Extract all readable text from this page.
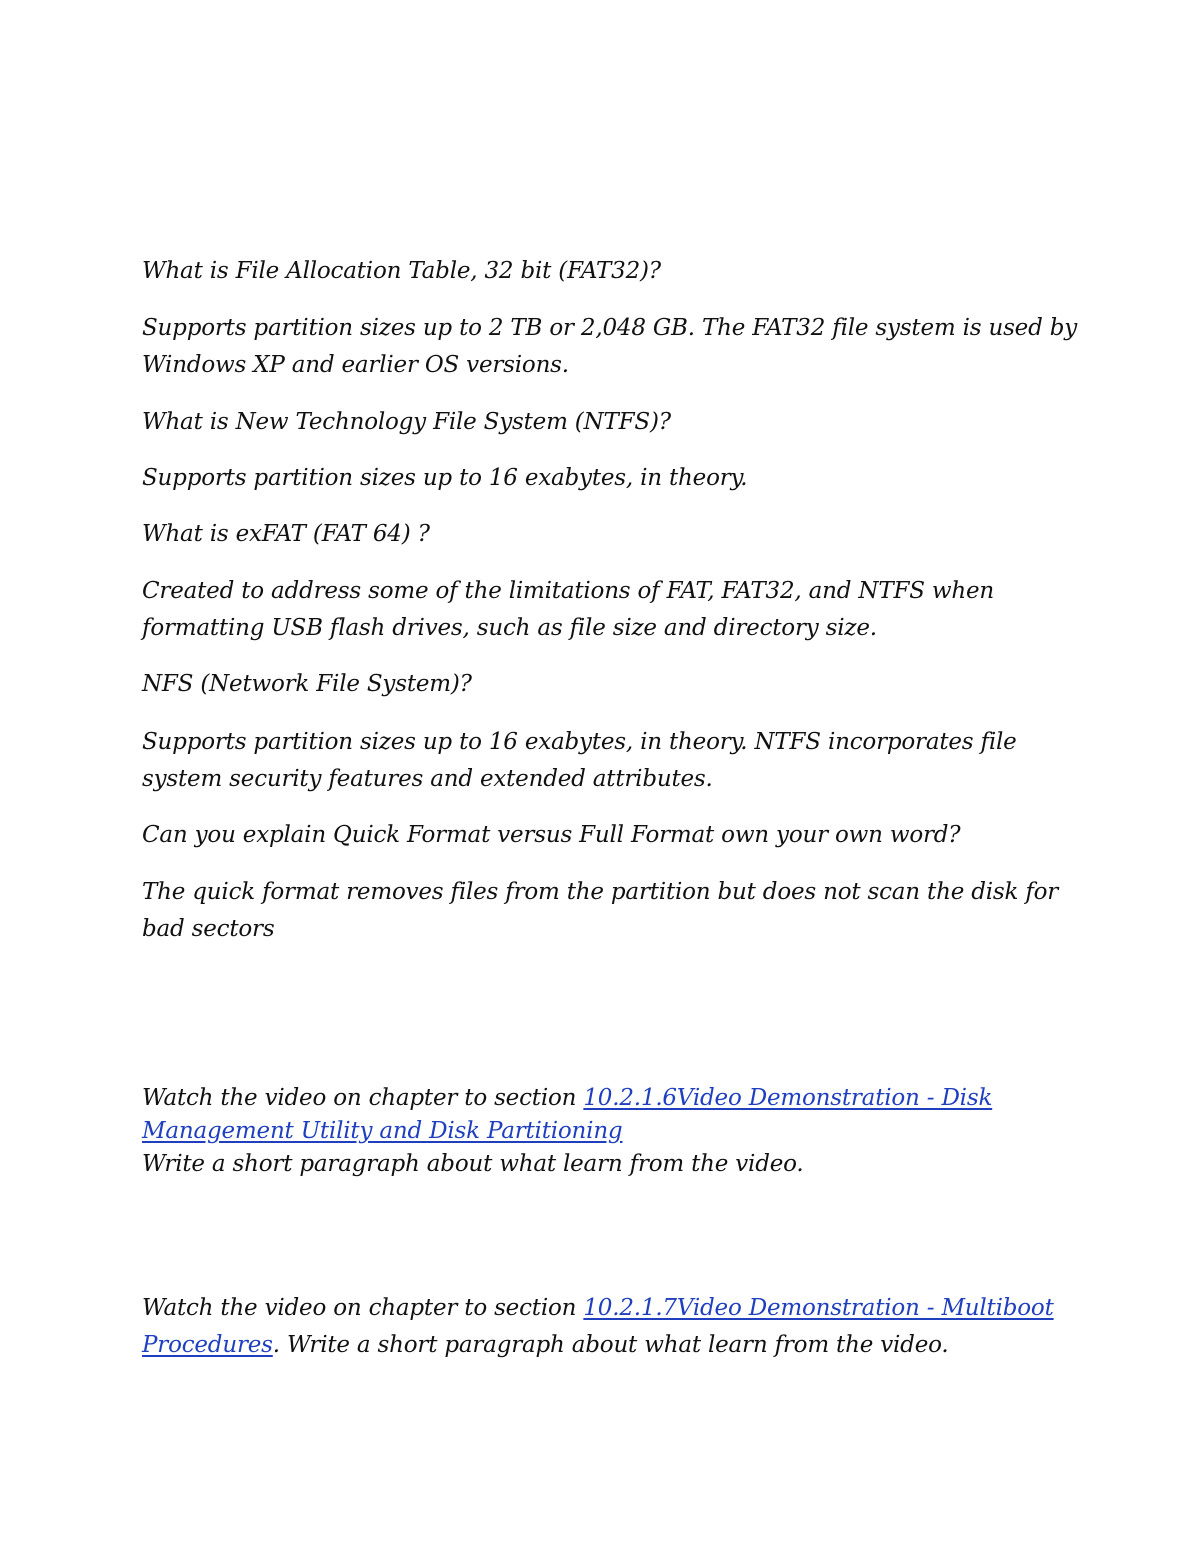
What is File Allocation Table, 32 bit (FAT32)?
Supports partition sizes up to 2 TB or 2,048 GB. The FAT32 file system is used by
Windows XP and earlier OS versions.
What is New Technology File System (NTFS)?
Supports partition sizes up to 16 exabytes, in theory.
What is exFAT (FAT 64) ?
Created to address some of the limitations of FAT, FAT32, and NTFS when
formatting USB flash drives, such as file size and directory size.
NFS (Network File System)?
Supports partition sizes up to 16 exabytes, in theory. NTFS incorporates file
system security features and extended attributes.
Can you explain Quick Format versus Full Format own your own word?
The quick format removes files from the partition but does not scan the disk for
bad sectors
Watch the video on chapter to section 10.2.1.6Video Demonstration - Disk
Management Utility and Disk Partitioning
Write a short paragraph about what learn from the video.
Watch the video on chapter to section 10.2.1.7Video Demonstration - Multiboot
Procedures. Write a short paragraph about what learn from the video.
